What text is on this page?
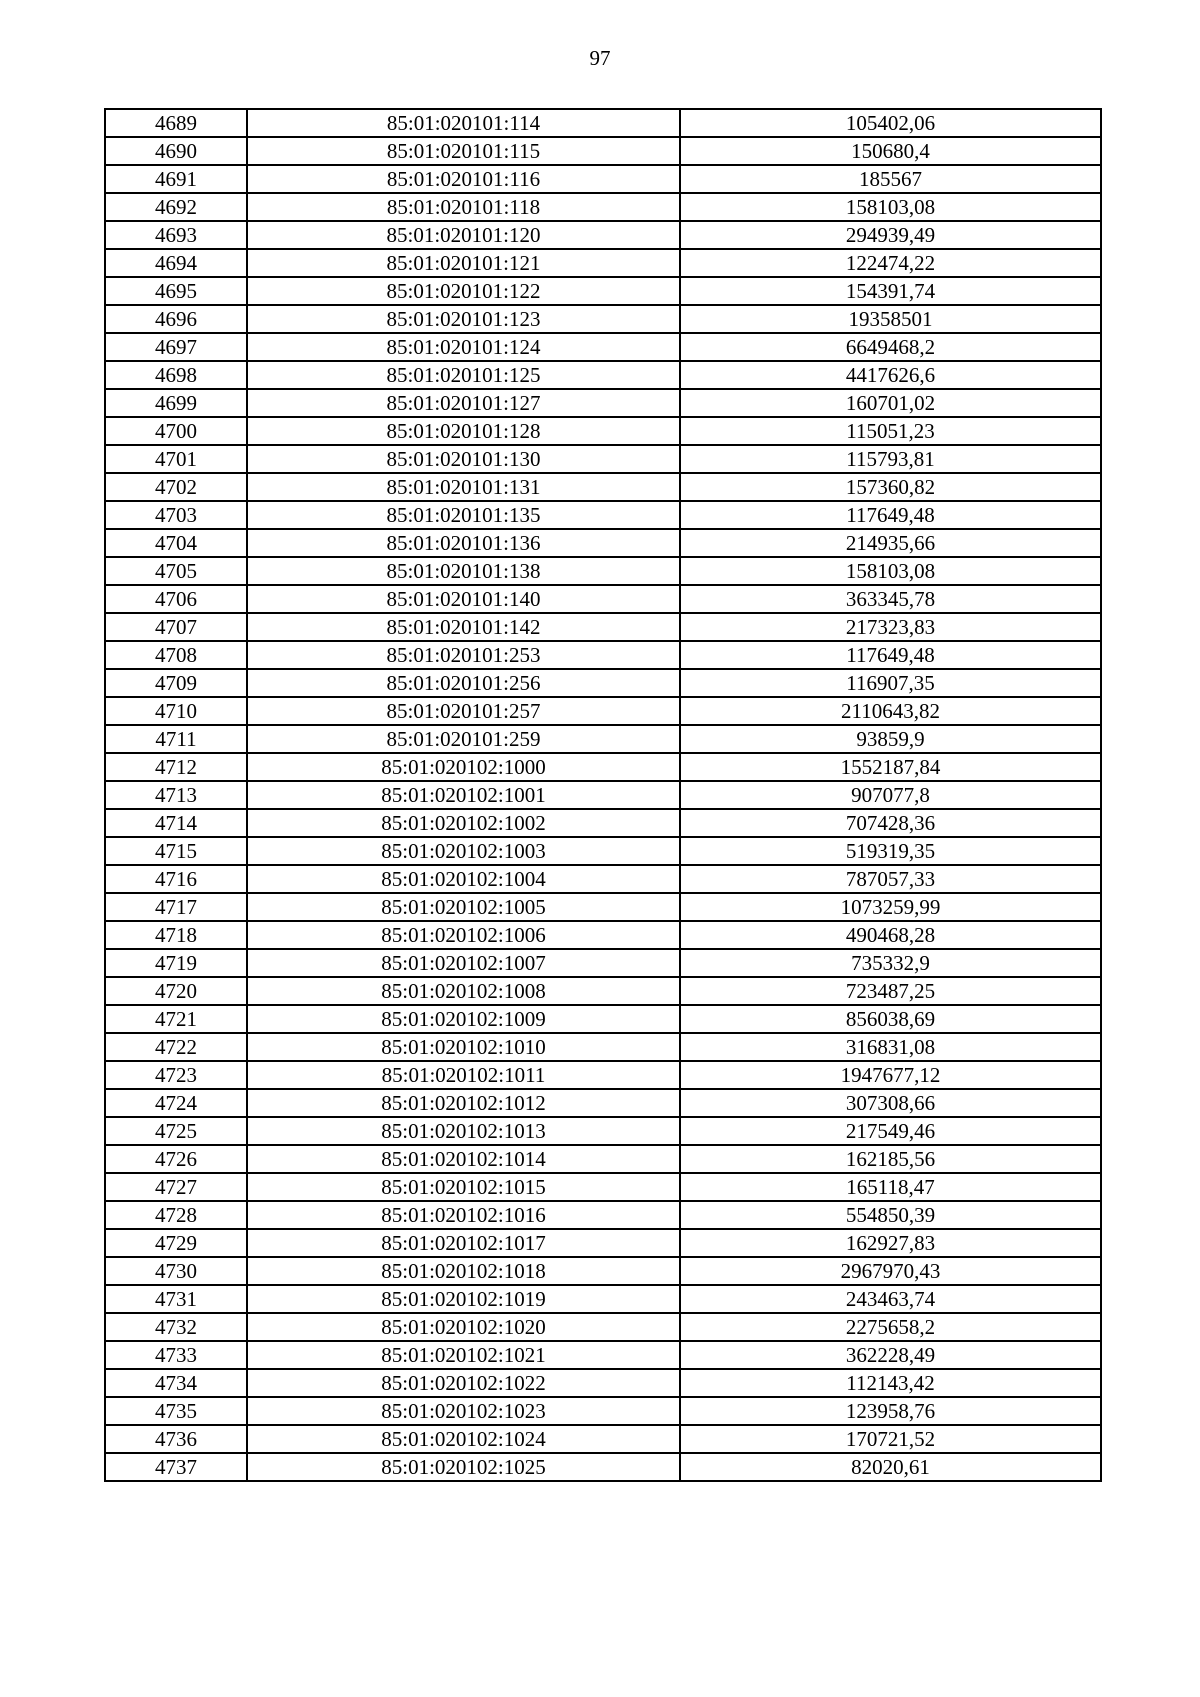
97
4689	85:01:020101:114	105402,06
4690	85:01:020101:115	150680,4
4691	85:01:020101:116	185567
4692	85:01:020101:118	158103,08
4693	85:01:020101:120	294939,49
4694	85:01:020101:121	122474,22
4695	85:01:020101:122	154391,74
4696	85:01:020101:123	19358501
4697	85:01:020101:124	6649468,2
4698	85:01:020101:125	4417626,6
4699	85:01:020101:127	160701,02
4700	85:01:020101:128	115051,23
4701	85:01:020101:130	115793,81
4702	85:01:020101:131	157360,82
4703	85:01:020101:135	117649,48
4704	85:01:020101:136	214935,66
4705	85:01:020101:138	158103,08
4706	85:01:020101:140	363345,78
4707	85:01:020101:142	217323,83
4708	85:01:020101:253	117649,48
4709	85:01:020101:256	116907,35
4710	85:01:020101:257	2110643,82
4711	85:01:020101:259	93859,9
4712	85:01:020102:1000	1552187,84
4713	85:01:020102:1001	907077,8
4714	85:01:020102:1002	707428,36
4715	85:01:020102:1003	519319,35
4716	85:01:020102:1004	787057,33
4717	85:01:020102:1005	1073259,99
4718	85:01:020102:1006	490468,28
4719	85:01:020102:1007	735332,9
4720	85:01:020102:1008	723487,25
4721	85:01:020102:1009	856038,69
4722	85:01:020102:1010	316831,08
4723	85:01:020102:1011	1947677,12
4724	85:01:020102:1012	307308,66
4725	85:01:020102:1013	217549,46
4726	85:01:020102:1014	162185,56
4727	85:01:020102:1015	165118,47
4728	85:01:020102:1016	554850,39
4729	85:01:020102:1017	162927,83
4730	85:01:020102:1018	2967970,43
4731	85:01:020102:1019	243463,74
4732	85:01:020102:1020	2275658,2
4733	85:01:020102:1021	362228,49
4734	85:01:020102:1022	112143,42
4735	85:01:020102:1023	123958,76
4736	85:01:020102:1024	170721,52
4737	85:01:020102:1025	82020,61
